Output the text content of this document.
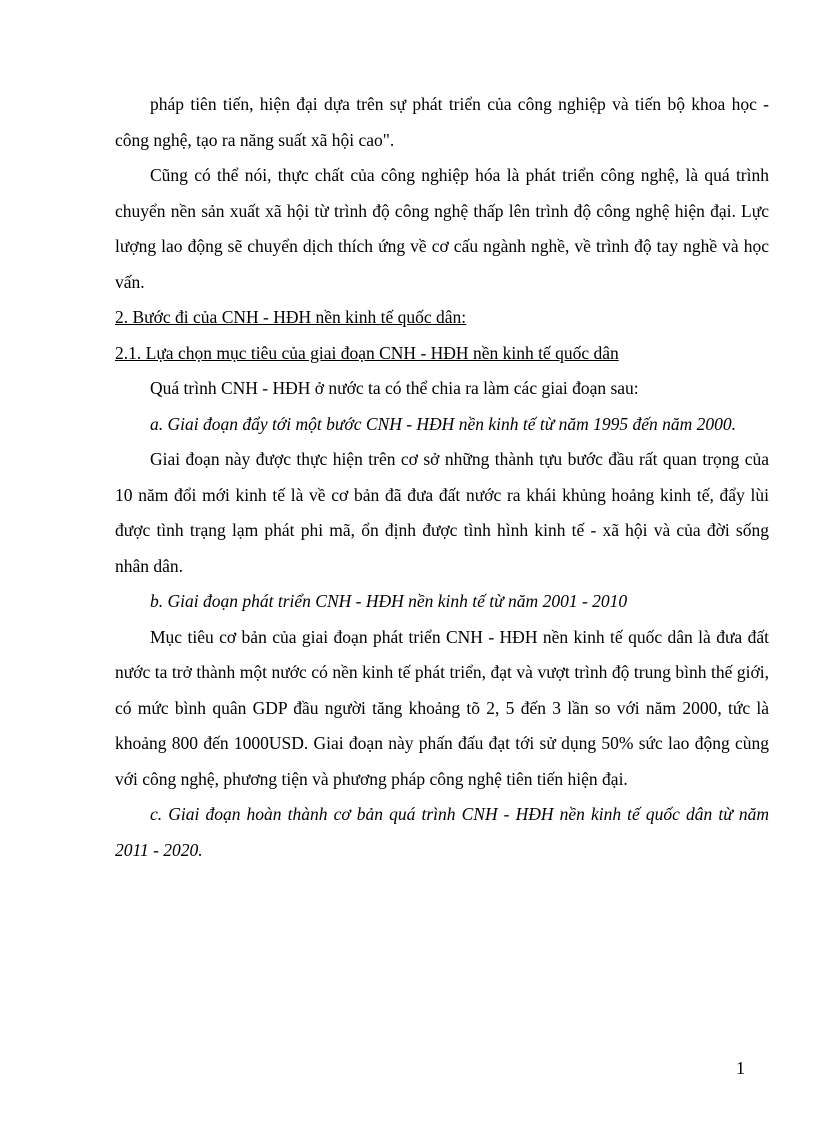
pháp tiên tiến, hiện đại dựa trên sự phát triển của công nghiệp và tiến bộ khoa học - công nghệ, tạo ra năng suất xã hội cao".

Cũng có thể nói, thực chất của công nghiệp hóa là phát triển công nghệ, là quá trình chuyển nền sản xuất xã hội từ trình độ công nghệ thấp lên trình độ công nghệ hiện đại. Lực lượng lao động sẽ chuyển dịch thích ứng về cơ cấu ngành nghề, về trình độ tay nghề và học vấn.

2. Bước đi của CNH - HĐH nền kinh tế quốc dân:

2.1. Lựa chọn mục tiêu của giai đoạn CNH - HĐH nền kinh tế quốc dân

Quá trình CNH - HĐH ở nước ta có thể chia ra làm các giai đoạn sau:

a. Giai đoạn đẩy tới một bước CNH - HĐH nền kinh tế từ năm 1995 đến năm 2000.

Giai đoạn này được thực hiện trên cơ sở những thành tựu bước đầu rất quan trọng của 10 năm đổi mới kinh tế là về cơ bản đã đưa đất nước ra khái khủng hoảng kinh tế, đẩy lùi được tình trạng lạm phát phi mã, ổn định được tình hình kinh tế - xã hội và của đời sống nhân dân.

b. Giai đoạn phát triển CNH - HĐH nền kinh tế từ năm 2001 - 2010

Mục tiêu cơ bản của giai đoạn phát triển CNH - HĐH nền kinh tế quốc dân là đưa đất nước ta trở thành một nước có nền kinh tế phát triển, đạt và vượt trình độ trung bình thế giới, có mức bình quân GDP đầu người tăng khoảng tõ 2, 5 đến 3 lần so với năm 2000, tức là khoảng 800 đến 1000USD. Giai đoạn này phấn đấu đạt tới sử dụng 50% sức lao động cùng với công nghệ, phương tiện và phương pháp công nghệ tiên tiến hiện đại.

c. Giai đoạn hoàn thành cơ bản quá trình CNH - HĐH nền kinh tế quốc dân từ năm 2011 - 2020.

1
